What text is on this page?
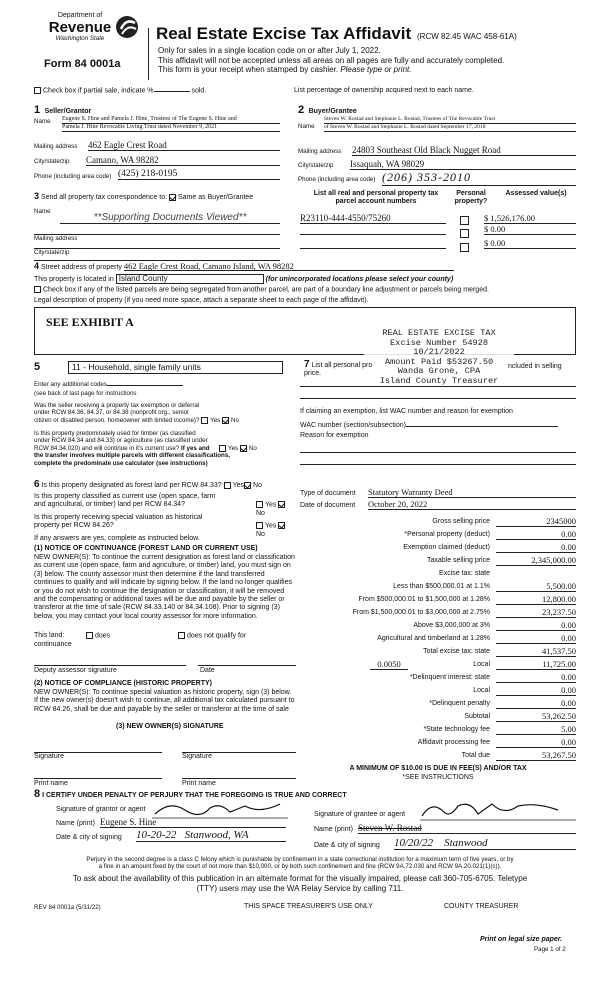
Department of
Revenue
Washington State
Form 84 0001a
Real Estate Excise Tax Affidavit (RCW 82.45 WAC 458-61A)
Only for sales in a single location code on or after July 1, 2022.
This affidavit will not be accepted unless all areas on all pages are fully and accurately completed.
This form is your receipt when stamped by cashier. Please type or print.
Check box if partial sale, indicate %	sold.	List percentage of ownership acquired next to each name.
1 Seller/Grantor
Name Eugene S. Hine and Pamela J. Hine, Trustees of The Eugene S. Hine and
Pamela J. Hine Revocable Living Trust dated November 9, 2021
Mailing address 462 Eagle Crest Road
City/state/zip Camano, WA 98282
Phone (including area code) (425) 218-0195
2 Buyer/Grantee
Name
Steven W. Rostad and Stephanie L. Rostad, Trustees of The Revocable Trust
of Steven W. Rostad and Stephanie L. Rostad dated September 17, 2018
Mailing address 24803 Southeast Old Black Nugget Road
City/state/zip Issaquah, WA 98029
Phone (including area code) (206) 353-2010
3 Send all property tax correspondence to: Same as Buyer/Grantee
Name
**Supporting Documents Viewed**
Mailing address
City/state/zip
List all real and personal property tax parcel account numbers
Personal property?
Assessed value(s)
R23110-444-4550/75260	$ 1,526,176.00
$ 0.00
$ 0.00
4 Street address of property 462 Eagle Crest Road, Camano Island, WA 98282
This property is located in Island County	(for unincorporated locations please select your county)
Check box if any of the listed parcels are being segregated from another parcel, are part of a boundary line adjustment or parcels being merged.
Legal description of property (if you need more space, attach a separate sheet to each page of the affidavit).
SEE EXHIBIT A
REAL ESTATE EXCISE TAX
Excise Number 54928
10/21/2022
Amount Paid $53267.50
Wanda Grone, CPA
Island County Treasurer
5	11 - Household, single family units
Enter any additional codes
(see back of last page for instructions
Was the seller receiving a property tax exemption or deferral
under RCW 84.36, 84.37, or 84.38 (nonprofit org., senior
citizen or disabled person, homeowner with limited income)? Yes No
Is this property predominately used for timber (as classified
under RCW 84.34 and 84.33) or agriculture (as classified under
RCW 84.34.020) and will continue in it's current use? If yes and	Yes No
the transfer involves multiple parcels with different classifications,
complete the predominate use calculator (see instructions)
6 Is this property designated as forest land per RCW 84.33? Yes No
Is this property classified as current use (open space, farm
and agricultural, or timber) land per RCW 84.34?	Yes No
Is this property receiving special valuation as historical
property per RCW 84.26?	Yes No
If any answers are yes, complete as instructed below.
(1) NOTICE OF CONTINUANCE (FOREST LAND OR CURRENT USE)
NEW OWNER(S): To continue the current designation as forest land or classification as current use (open space, farm and agriculture, or timber) land, you must sign on (3) below. The county assessor must then determine if the land transferred continues to qualify and will indicate by signing below. If the land no longer qualifies or you do not wish to continue the designation or classification, it will be removed and the compensating or additional taxes will be due and payable by the seller or transferor at the time of sale (RCW 84.33.140 or 84.34.108). Prior to signing (3) below, you may contact your local county assessor for more information.
This land:	does	does not qualify for
continuance
Deputy assessor signature	Date
(2) NOTICE OF COMPLIANCE (HISTORIC PROPERTY)
NEW OWNER(S): To continue special valuation as historic property, sign (3) below. If the new owner(s) doesn't wish to continue, all additional tax calculated pursuant to RCW 84.26, shall be due and payable by the seller or transferor at the time of sale
(3) NEW OWNER(S) SIGNATURE
Signature	Signature
Print name	Print name
7 List all personal pro
price.
ncluded in selling
If claiming an exemption, list WAC number and reason for exemption
WAC number (section/subsection)
Reason for exemption
Type of document Statutory Warranty Deed
Date of document October 20, 2022
Gross selling price	2345000
*Personal property (deduct)	0.00
Exemption claimed (deduct)	0.00
Taxable selling price	2,345,000.00
Excise tax: state
Less than $500,000.01 at 1.1%	5,500.00
From $500,000.01 to $1,500,000 at 1.28%	12,800.00
From $1,500,000.01 to $3,000,000 at 2.75%	23,237.50
Above $3,000,000 at 3%	0.00
Agricultural and timberland at 1.28%	0.00
Total excise tax: state	41,537.50
0.0050	Local	11,725.00
*Delinquent interest: state	0.00
Local	0.00
*Delinquent penalty	0.00
Subtotal	53,262.50
*State technology fee	5.00
Affidavit processing fee	0.00
Total due	53,267.50
A MINIMUM OF $10.00 IS DUE IN FEE(S) AND/OR TAX
*SEE INSTRUCTIONS
8 I CERTIFY UNDER PENALTY OF PERJURY THAT THE FOREGOING IS TRUE AND CORRECT
Signature of grantor or agent
Name (print) Eugene S. Hine
Date & city of signing 10-20-22 Stanwood, WA
Signature of grantee or agent
Name (print) Steven W. Rostad
Date & city of signing 10/20/22 Stanwood
Perjury in the second degree is a class C felony which is punishable by confinement in a state correctional institution for a maximum term of five years, or by
a fine in an amount fixed by the court of not more than $10,000, or by both such confinement and fine (RCW 9A.72.030 and RCW 9A.20.021(1)(c)).
To ask about the availability of this publication in an alternate format for the visually impaired, please call 360-705-6705. Teletype
(TTY) users may use the WA Relay Service by calling 711.
REV 84 0001a (5/31/22)	THIS SPACE TREASURER'S USE ONLY	COUNTY TREASURER
Print on legal size paper.
Page 1 of 2
